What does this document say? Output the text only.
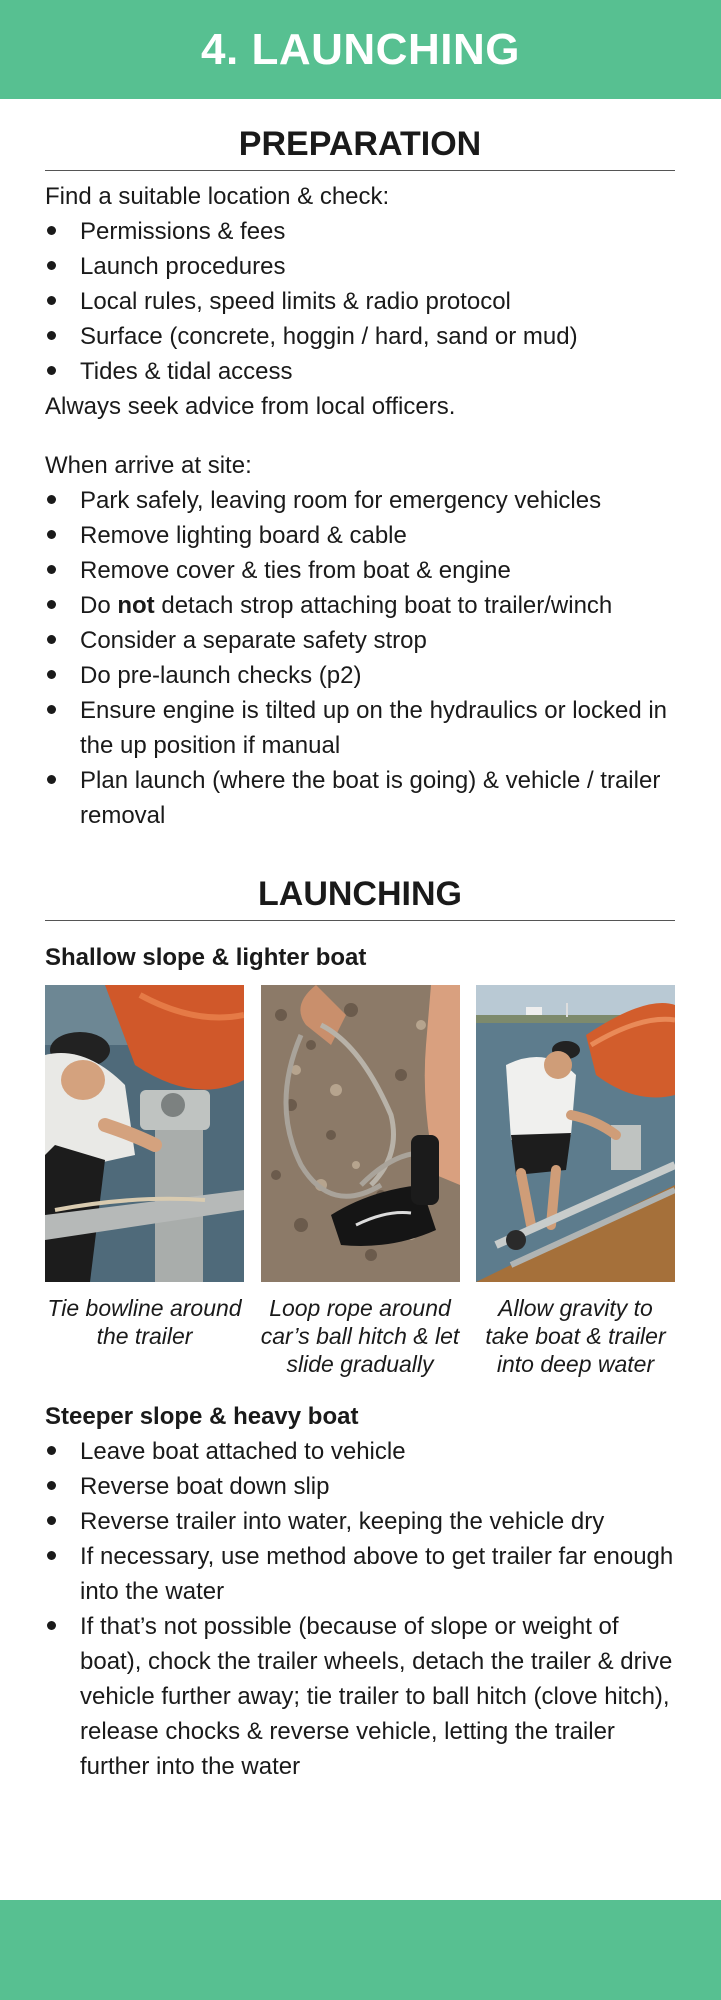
4. LAUNCHING
PREPARATION

Find a suitable location & check:

Permissions & fees
Launch procedures
Local rules, speed limits & radio protocol
Surface (concrete, hoggin / hard, sand or mud)
Tides & tidal access

Always seek advice from local officers.

When arrive at site:

Park safely, leaving room for emergency vehicles
Remove lighting board & cable
Remove cover & ties from boat & engine
Do not detach strop attaching boat to trailer/winch
Consider a separate safety strop
Do pre-launch checks (p2)
Ensure engine is tilted up on the hydraulics or locked in the up position if manual
Plan launch (where the boat is going) & vehicle / trailer removal
LAUNCHING

Shallow slope & lighter boat

Tie bowline around the trailer
Loop rope around car’s ball hitch & let slide gradually
Allow gravity to take boat & trailer into deep water

Steeper slope & heavy boat

Leave boat attached to vehicle
Reverse boat down slip
Reverse trailer into water, keeping the vehicle dry
If necessary, use method above to get trailer far enough into the water
If that’s not possible (because of slope or weight of boat), chock the trailer wheels, detach the trailer & drive vehicle further away; tie trailer to ball hitch (clove hitch), release chocks & reverse vehicle, letting the trailer further into the water
